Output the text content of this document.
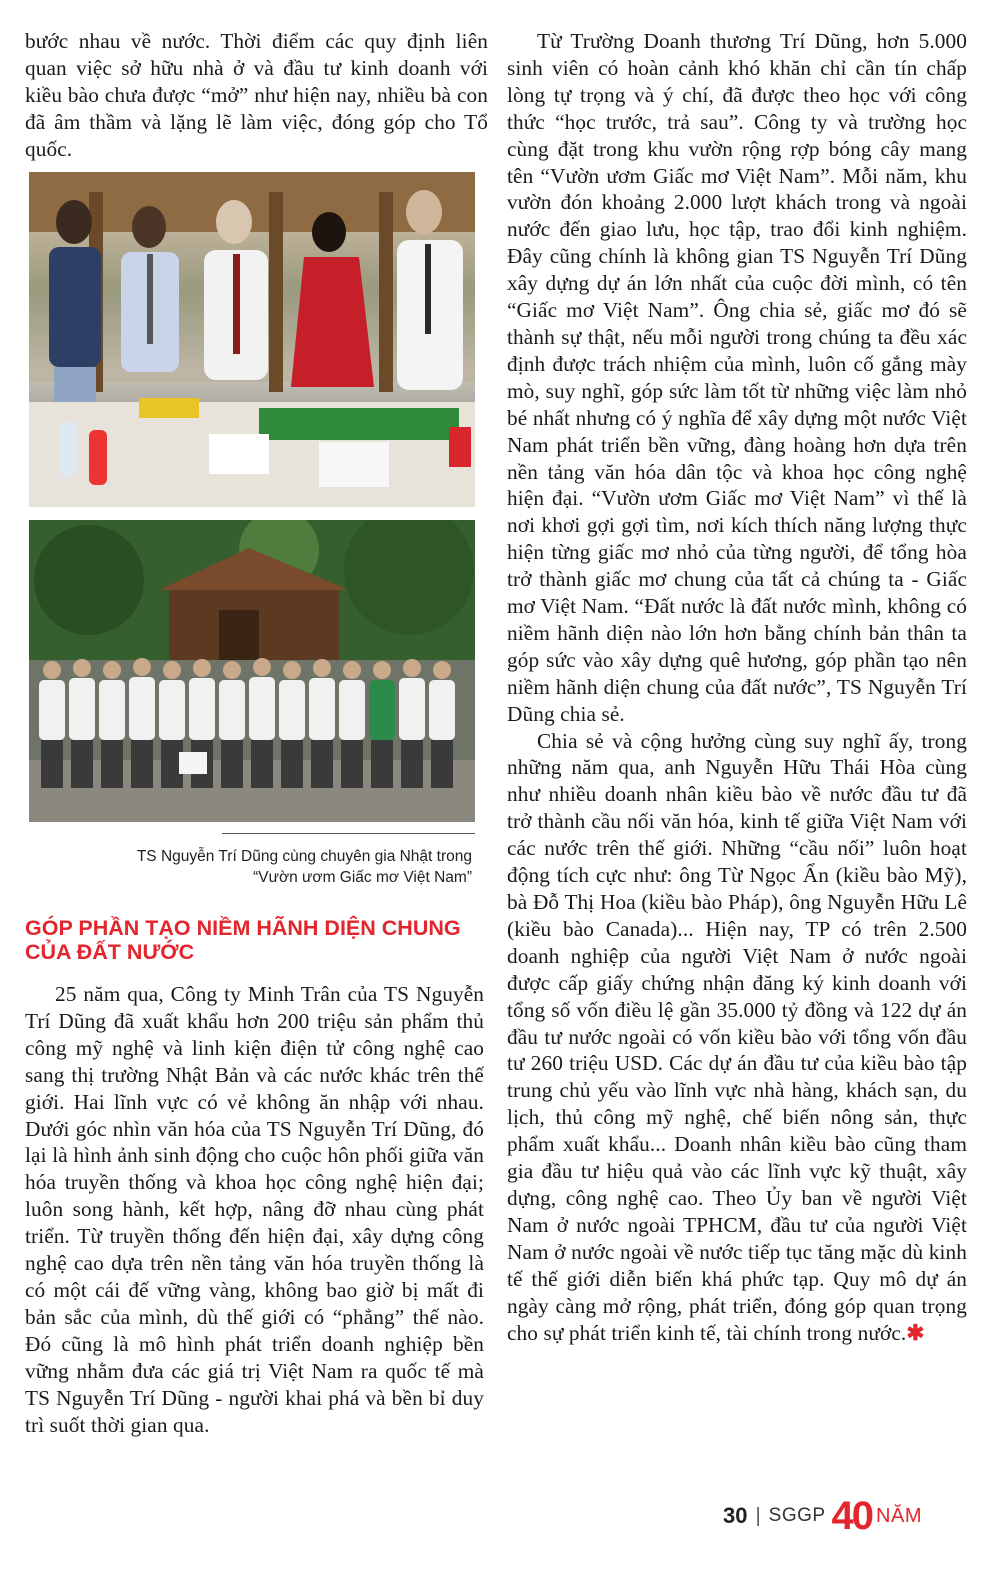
bước nhau về nước. Thời điểm các quy định liên quan việc sở hữu nhà ở và đầu tư kinh doanh với kiều bào chưa được “mở” như hiện nay, nhiều bà con đã âm thầm và lặng lẽ làm việc, đóng góp cho Tổ quốc.

TS Nguyễn Trí Dũng cùng chuyên gia Nhật trong
“Vườn ươm Giấc mơ Việt Nam”
GÓP PHẦN TẠO NIỀM HÃNH DIỆN CHUNG
CỦA ĐẤT NƯỚC

25 năm qua, Công ty Minh Trân của TS Nguyễn Trí Dũng đã xuất khẩu hơn 200 triệu sản phẩm thủ công mỹ nghệ và linh kiện điện tử công nghệ cao sang thị trường Nhật Bản và các nước khác trên thế giới. Hai lĩnh vực có vẻ không ăn nhập với nhau. Dưới góc nhìn văn hóa của TS Nguyễn Trí Dũng, đó lại là hình ảnh sinh động cho cuộc hôn phối giữa văn hóa truyền thống và khoa học công nghệ hiện đại; luôn song hành, kết hợp, nâng đỡ nhau cùng phát triển. Từ truyền thống đến hiện đại, xây dựng công nghệ cao dựa trên nền tảng văn hóa truyền thống là có một cái đế vững vàng, không bao giờ bị mất đi bản sắc của mình, dù thế giới có “phẳng” thế nào. Đó cũng là mô hình phát triển doanh nghiệp bền vững nhằm đưa các giá trị Việt Nam ra quốc tế mà TS Nguyễn Trí Dũng - người khai phá và bền bỉ duy trì suốt thời gian qua.

Từ Trường Doanh thương Trí Dũng, hơn 5.000 sinh viên có hoàn cảnh khó khăn chỉ cần tín chấp lòng tự trọng và ý chí, đã được theo học với công thức “học trước, trả sau”. Công ty và trường học cùng đặt trong khu vườn rộng rợp bóng cây mang tên “Vườn ươm Giấc mơ Việt Nam”. Mỗi năm, khu vườn đón khoảng 2.000 lượt khách trong và ngoài nước đến giao lưu, học tập, trao đổi kinh nghiệm. Đây cũng chính là không gian TS Nguyễn Trí Dũng xây dựng dự án lớn nhất của cuộc đời mình, có tên “Giấc mơ Việt Nam”. Ông chia sẻ, giấc mơ đó sẽ thành sự thật, nếu mỗi người trong chúng ta đều xác định được trách nhiệm của mình, luôn cố gắng mày mò, suy nghĩ, góp sức làm tốt từ những việc làm nhỏ bé nhất nhưng có ý nghĩa để xây dựng một nước Việt Nam phát triển bền vững, đàng hoàng hơn dựa trên nền tảng văn hóa dân tộc và khoa học công nghệ hiện đại. “Vườn ươm Giấc mơ Việt Nam” vì thế là nơi khơi gợi gợi tìm, nơi kích thích năng lượng thực hiện từng giấc mơ nhỏ của từng người, để tổng hòa trở thành giấc mơ chung của tất cả chúng ta - Giấc mơ Việt Nam. “Đất nước là đất nước mình, không có niềm hãnh diện nào lớn hơn bằng chính bản thân ta góp sức vào xây dựng quê hương, góp phần tạo nên niềm hãnh diện chung của đất nước”, TS Nguyễn Trí Dũng chia sẻ.

Chia sẻ và cộng hưởng cùng suy nghĩ ấy, trong những năm qua, anh Nguyễn Hữu Thái Hòa cùng như nhiều doanh nhân kiều bào về nước đầu tư đã trở thành cầu nối văn hóa, kinh tế giữa Việt Nam với các nước trên thế giới. Những “cầu nối” luôn hoạt động tích cực như: ông Từ Ngọc Ẩn (kiều bào Mỹ), bà Đỗ Thị Hoa (kiều bào Pháp), ông Nguyễn Hữu Lê (kiều bào Canada)... Hiện nay, TP có trên 2.500 doanh nghiệp của người Việt Nam ở nước ngoài được cấp giấy chứng nhận đăng ký kinh doanh với tổng số vốn điều lệ gần 35.000 tỷ đồng và 122 dự án đầu tư nước ngoài có vốn kiều bào với tổng vốn đầu tư 260 triệu USD. Các dự án đầu tư của kiều bào tập trung chủ yếu vào lĩnh vực nhà hàng, khách sạn, du lịch, thủ công mỹ nghệ, chế biến nông sản, thực phẩm xuất khẩu... Doanh nhân kiều bào cũng tham gia đầu tư hiệu quả vào các lĩnh vực kỹ thuật, xây dựng, công nghệ cao. Theo Ủy ban về người Việt Nam ở nước ngoài TPHCM, đầu tư của người Việt Nam ở nước ngoài về nước tiếp tục tăng mặc dù kinh tế thế giới diễn biến khá phức tạp. Quy mô dự án ngày càng mở rộng, phát triển, đóng góp quan trọng cho sự phát triển kinh tế, tài chính trong nước.✱

30 | SGGP 40 NĂM
